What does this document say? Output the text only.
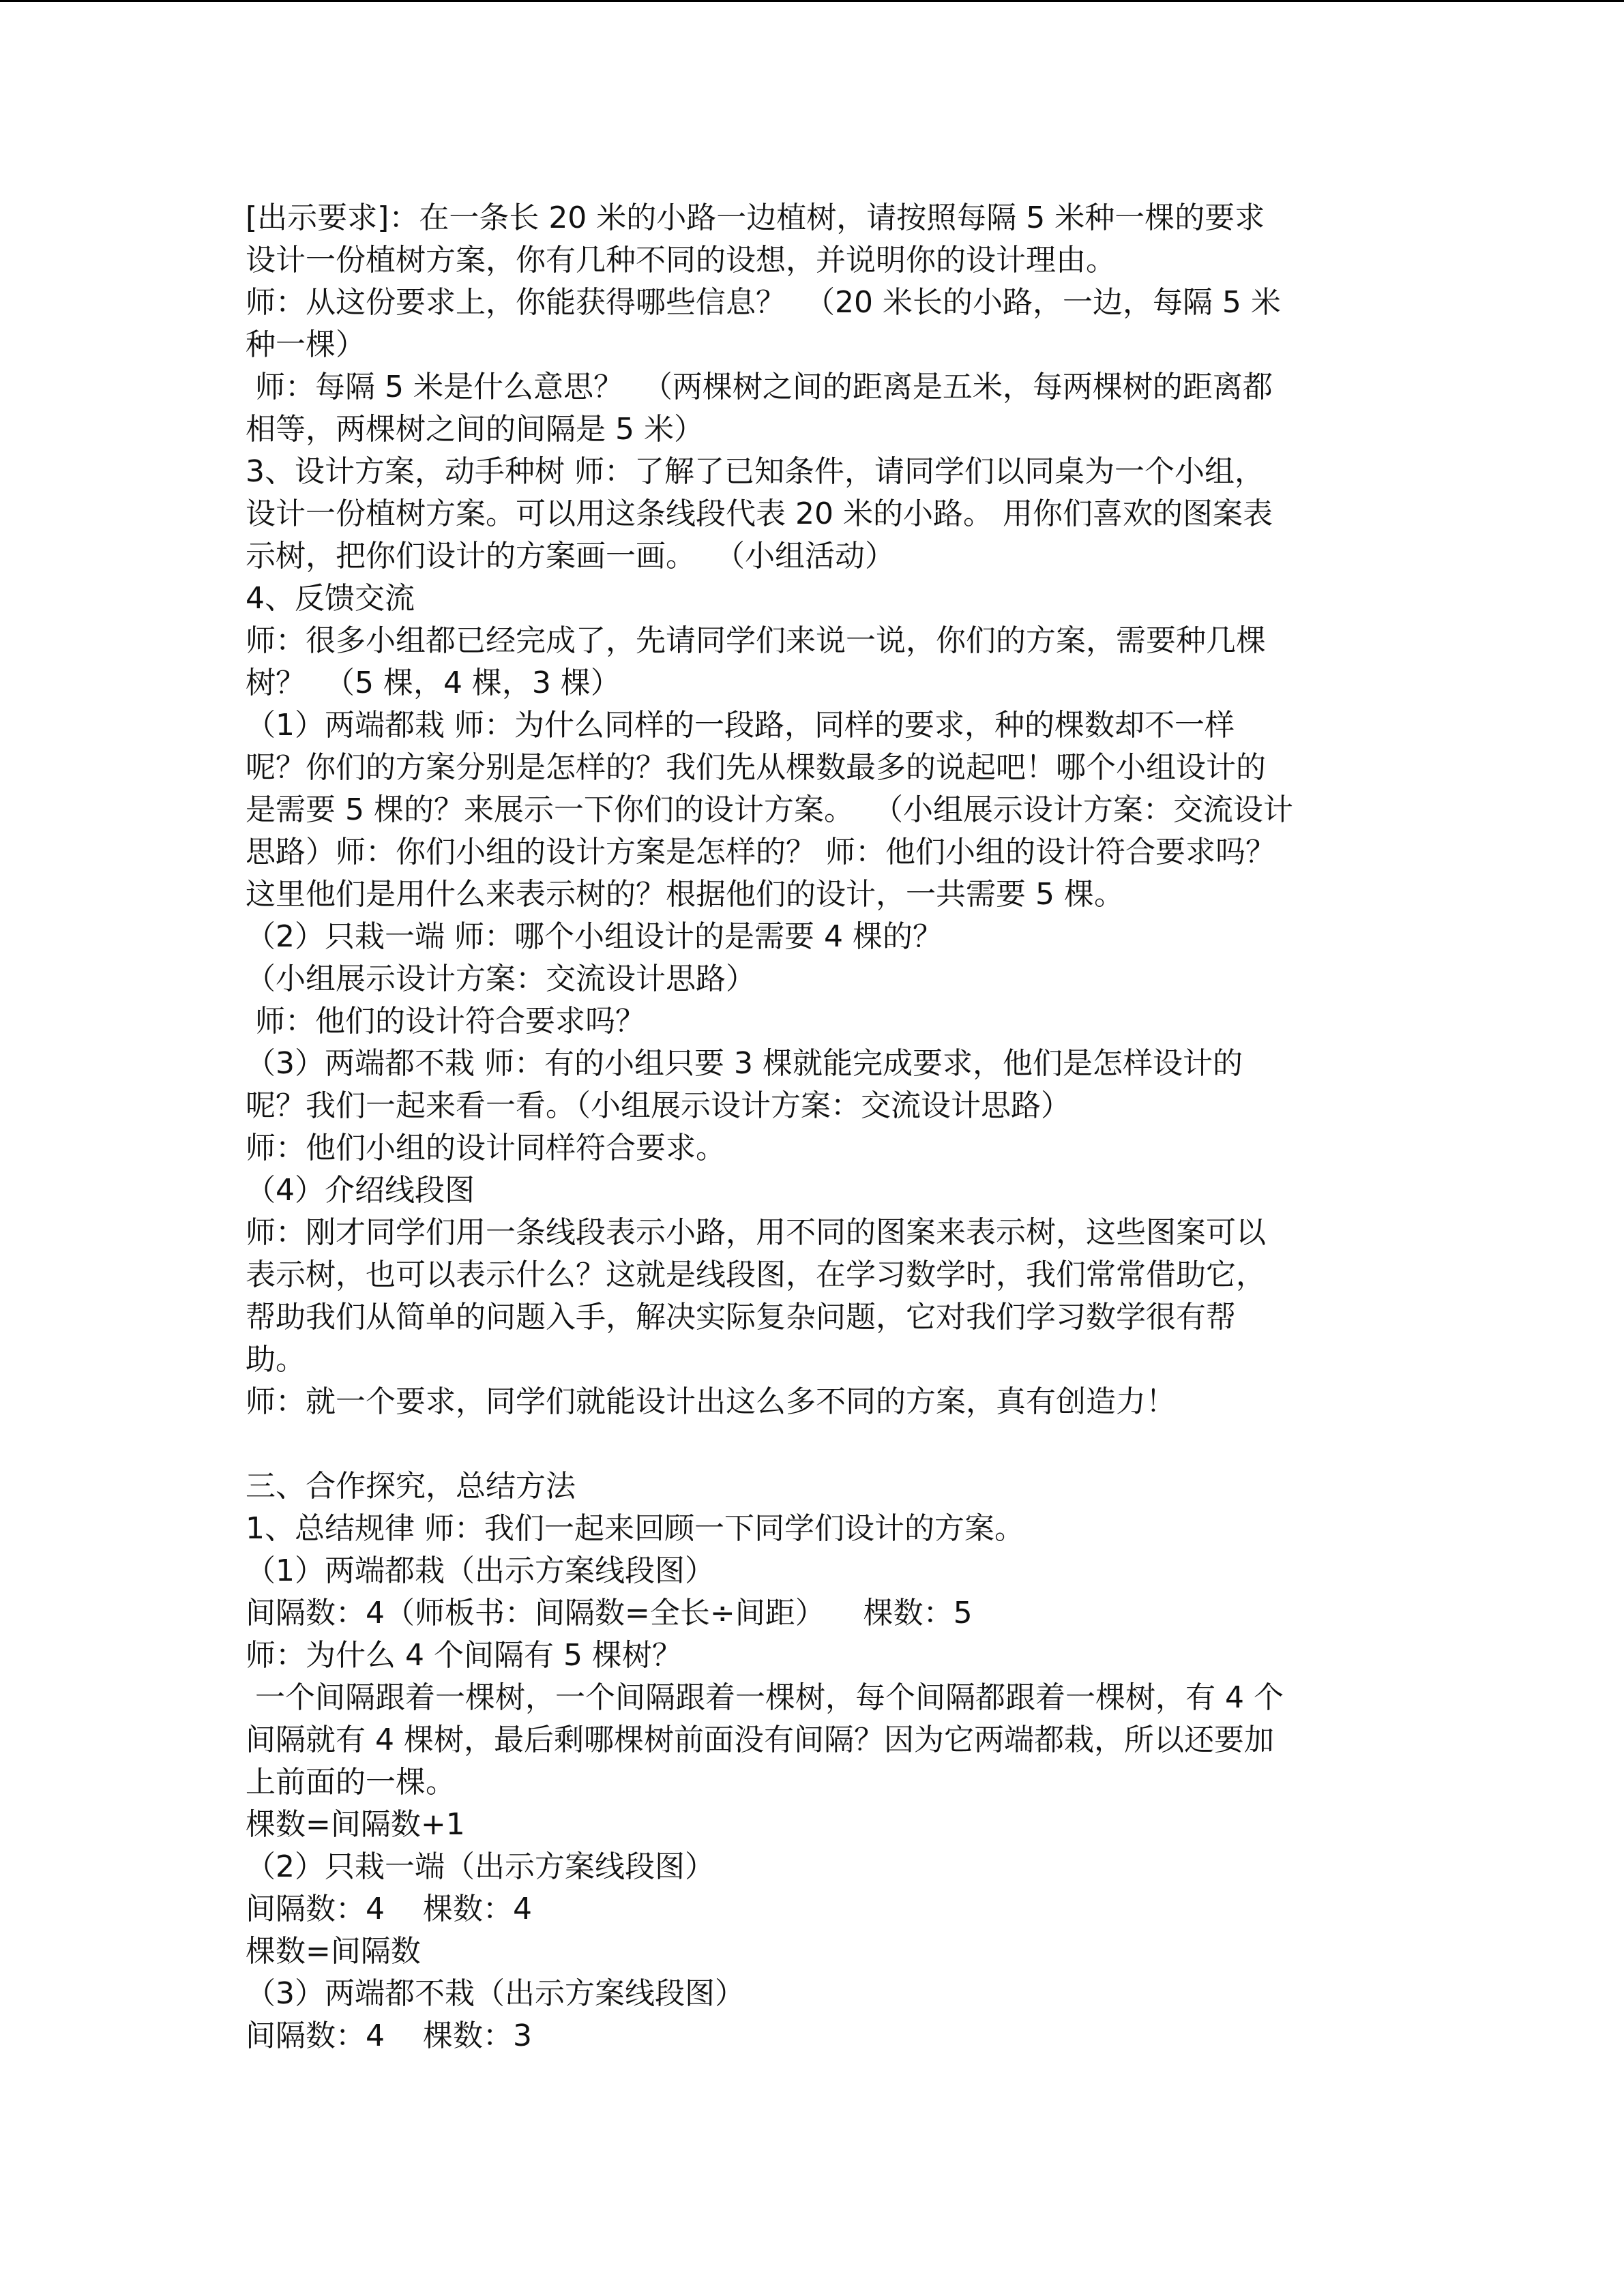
[出示要求]：在一条长 20 米的小路一边植树，请按照每隔 5 米种一棵的要求

设计一份植树方案，你有几种不同的设想，并说明你的设计理由。

师：从这份要求上，你能获得哪些信息？  （20 米长的小路，一边，每隔 5 米

种一棵）

师：每隔 5 米是什么意思？  （两棵树之间的距离是五米，每两棵树的距离都

相等，两棵树之间的间隔是 5 米）

3、设计方案，动手种树 师：了解了已知条件，请同学们以同桌为一个小组，

设计一份植树方案。可以用这条线段代表 20 米的小路。 用你们喜欢的图案表

示树，把你们设计的方案画一画。  （小组活动）

4、反馈交流

师：很多小组都已经完成了，先请同学们来说一说，你们的方案，需要种几棵

树？  （5 棵，4 棵，3 棵）

（1）两端都栽 师：为什么同样的一段路，同样的要求，种的棵数却不一样

呢？你们的方案分别是怎样的？我们先从棵数最多的说起吧！哪个小组设计的

是需要 5 棵的？来展示一下你们的设计方案。  （小组展示设计方案：交流设计

思路）师：你们小组的设计方案是怎样的？ 师：他们小组的设计符合要求吗？

这里他们是用什么来表示树的？根据他们的设计，一共需要 5 棵。

（2）只栽一端 师：哪个小组设计的是需要 4 棵的？

（小组展示设计方案：交流设计思路）

师：他们的设计符合要求吗？

（3）两端都不栽 师：有的小组只要 3 棵就能完成要求，他们是怎样设计的

呢？我们一起来看一看。（小组展示设计方案：交流设计思路）

师：他们小组的设计同样符合要求。

（4）介绍线段图

师：刚才同学们用一条线段表示小路，用不同的图案来表示树，这些图案可以

表示树，也可以表示什么？这就是线段图，在学习数学时，我们常常借助它，

帮助我们从简单的问题入手，解决实际复杂问题，它对我们学习数学很有帮

助。

师：就一个要求，同学们就能设计出这么多不同的方案，真有创造力！

三、合作探究，总结方法

1、总结规律 师：我们一起来回顾一下同学们设计的方案。

（1）两端都栽（出示方案线段图）

间隔数：4（师板书：间隔数=全长÷间距）    棵数：5

师：为什么 4 个间隔有 5 棵树？

一个间隔跟着一棵树，一个间隔跟着一棵树，每个间隔都跟着一棵树，有 4 个

间隔就有 4 棵树，最后剩哪棵树前面没有间隔？因为它两端都栽，所以还要加

上前面的一棵。

棵数=间隔数+1

（2）只栽一端（出示方案线段图）

间隔数：4    棵数：4

棵数=间隔数

（3）两端都不栽（出示方案线段图）

间隔数：4    棵数：3
